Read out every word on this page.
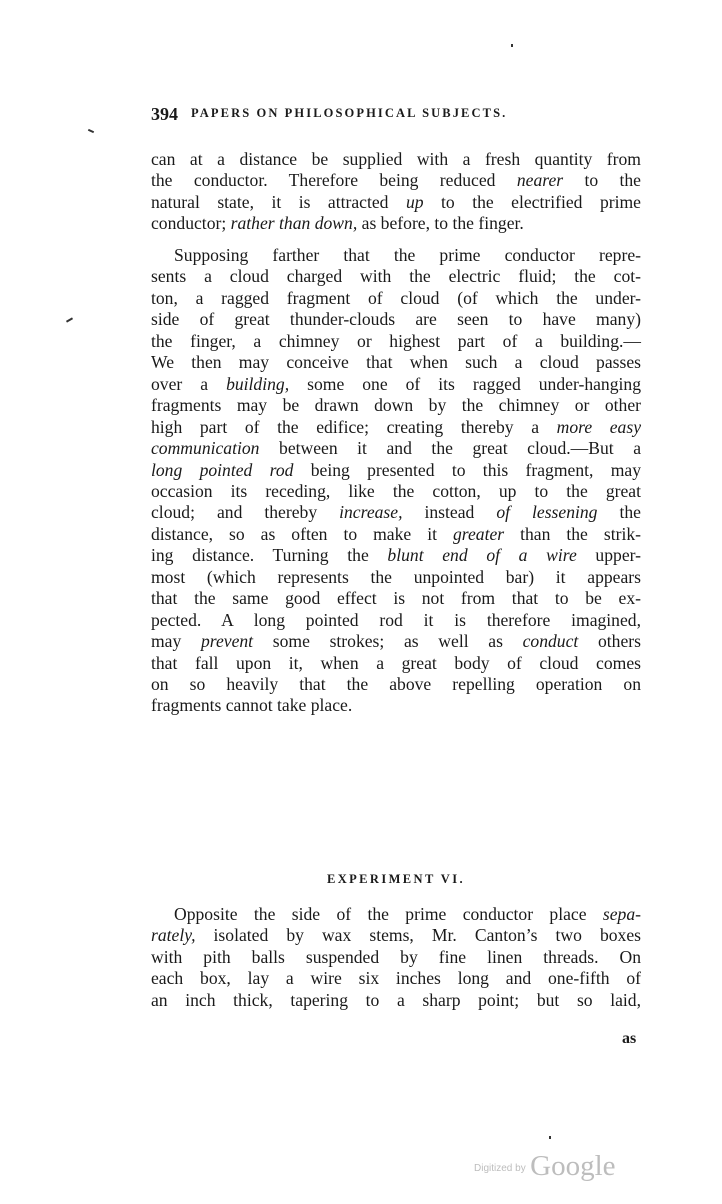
394 PAPERS ON PHILOSOPHICAL SUBJECTS.
can at a distance be supplied with a fresh quantity from
the conductor. Therefore being reduced nearer to the
natural state, it is attracted up to the electrified prime
conductor; rather than down, as before, to the finger.
Supposing farther that the prime conductor repre-
sents a cloud charged with the electric fluid; the cot-
ton, a ragged fragment of cloud (of which the under-
side of great thunder-clouds are seen to have many)
the finger, a chimney or highest part of a building.—
We then may conceive that when such a cloud passes
over a building, some one of its ragged under-hanging
fragments may be drawn down by the chimney or other
high part of the edifice; creating thereby a more easy
communication between it and the great cloud.—But a
long pointed rod being presented to this fragment, may
occasion its receding, like the cotton, up to the great
cloud; and thereby increase, instead of lessening the
distance, so as often to make it greater than the strik-
ing distance. Turning the blunt end of a wire upper-
most (which represents the unpointed bar) it appears
that the same good effect is not from that to be ex-
pected. A long pointed rod it is therefore imagined,
may prevent some strokes; as well as conduct others
that fall upon it, when a great body of cloud comes
on so heavily that the above repelling operation on
fragments cannot take place.
Opposite the side of the prime conductor place sepa-
rately, isolated by wax stems, Mr. Canton’s two boxes
with pith balls suspended by fine linen threads. On
each box, lay a wire six inches long and one-fifth of
an inch thick, tapering to a sharp point; but so laid,
EXPERIMENT VI.
as
$^{Digitized by}$ Google
